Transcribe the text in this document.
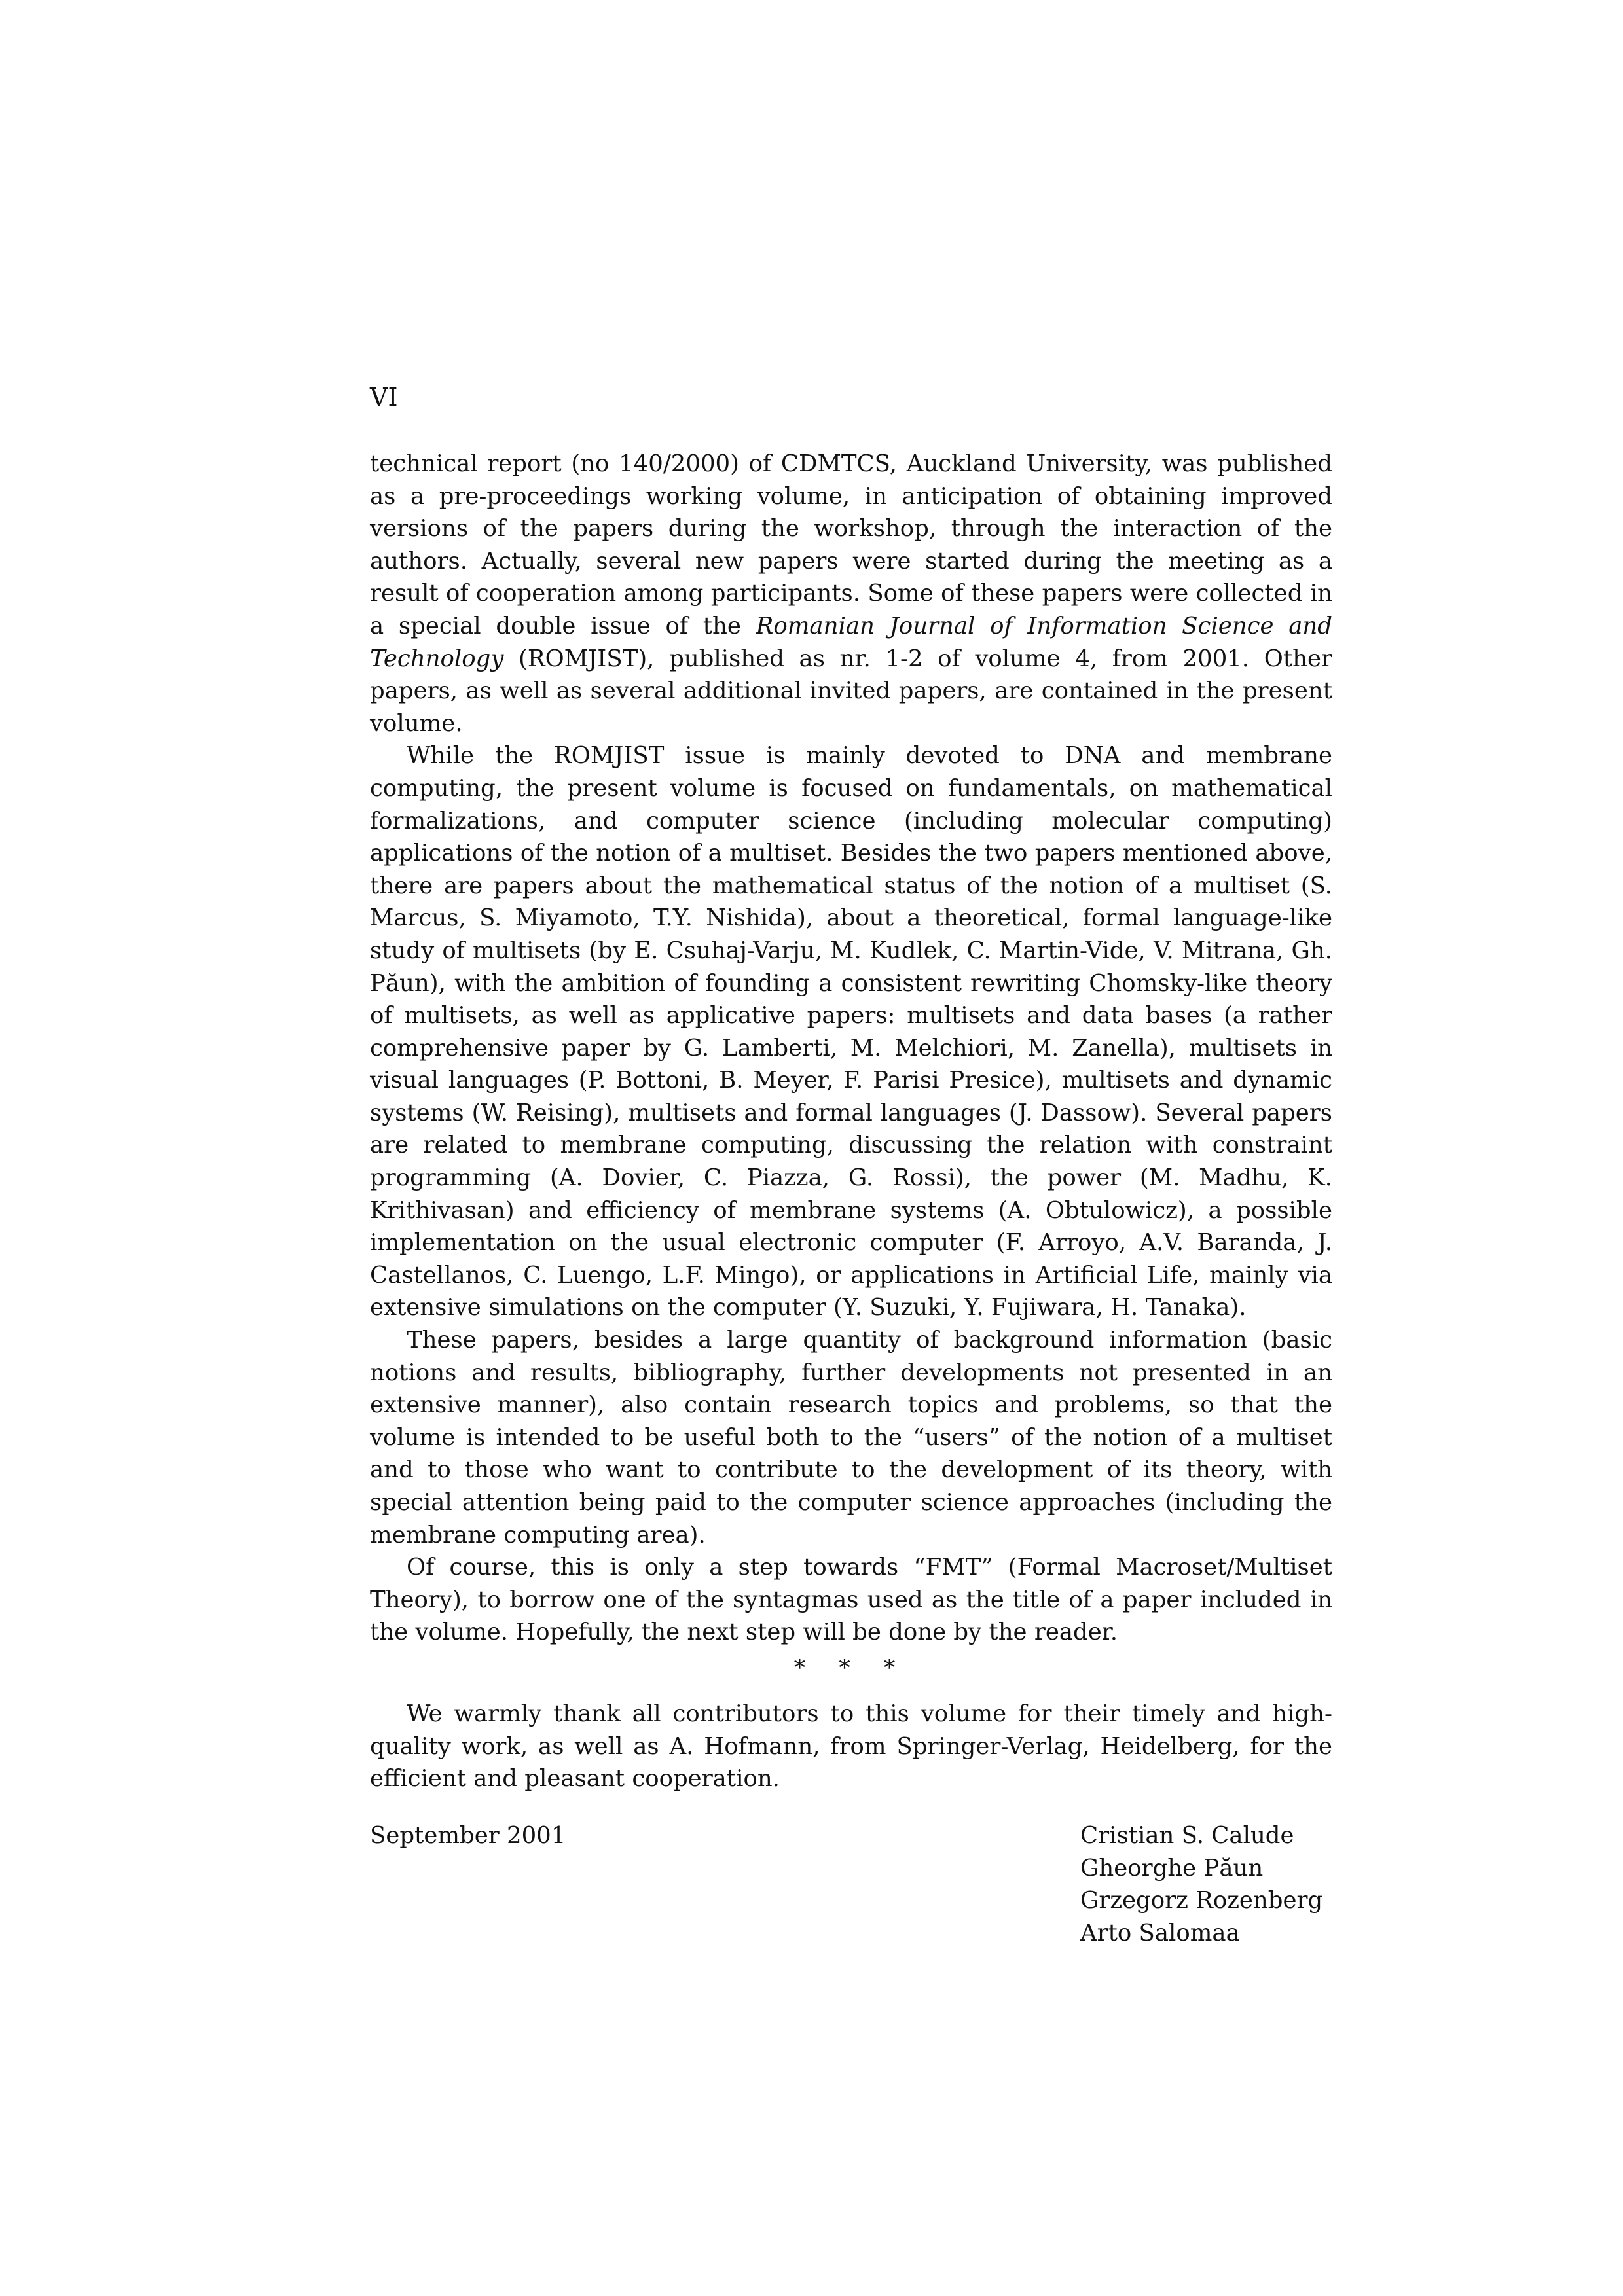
VI

technical report (no 140/2000) of CDMTCS, Auckland University, was published as a pre-proceedings working volume, in anticipation of obtaining improved versions of the papers during the workshop, through the interaction of the authors. Actually, several new papers were started during the meeting as a result of cooperation among participants. Some of these papers were collected in a special double issue of the Romanian Journal of Information Science and Technology (ROMJIST), published as nr. 1-2 of volume 4, from 2001. Other papers, as well as several additional invited papers, are contained in the present volume.

While the ROMJIST issue is mainly devoted to DNA and membrane computing, the present volume is focused on fundamentals, on mathematical formalizations, and computer science (including molecular computing) applications of the notion of a multiset. Besides the two papers mentioned above, there are papers about the mathematical status of the notion of a multiset (S. Marcus, S. Miyamoto, T.Y. Nishida), about a theoretical, formal language-like study of multisets (by E. Csuhaj-Varju, M. Kudlek, C. Martin-Vide, V. Mitrana, Gh. Păun), with the ambition of founding a consistent rewriting Chomsky-like theory of multisets, as well as applicative papers: multisets and data bases (a rather comprehensive paper by G. Lamberti, M. Melchiori, M. Zanella), multisets in visual languages (P. Bottoni, B. Meyer, F. Parisi Presice), multisets and dynamic systems (W. Reising), multisets and formal languages (J. Dassow). Several papers are related to membrane computing, discussing the relation with constraint programming (A. Dovier, C. Piazza, G. Rossi), the power (M. Madhu, K. Krithivasan) and efficiency of membrane systems (A. Obtulowicz), a possible implementation on the usual electronic computer (F. Arroyo, A.V. Baranda, J. Castellanos, C. Luengo, L.F. Mingo), or applications in Artificial Life, mainly via extensive simulations on the computer (Y. Suzuki, Y. Fujiwara, H. Tanaka).

These papers, besides a large quantity of background information (basic notions and results, bibliography, further developments not presented in an extensive manner), also contain research topics and problems, so that the volume is intended to be useful both to the “users” of the notion of a multiset and to those who want to contribute to the development of its theory, with special attention being paid to the computer science approaches (including the membrane computing area).

Of course, this is only a step towards “FMT” (Formal Macroset/Multiset Theory), to borrow one of the syntagmas used as the title of a paper included in the volume. Hopefully, the next step will be done by the reader.

* * *

We warmly thank all contributors to this volume for their timely and high-quality work, as well as A. Hofmann, from Springer-Verlag, Heidelberg, for the efficient and pleasant cooperation.

September 2001	Cristian S. Calude
Gheorghe Păun
Grzegorz Rozenberg
Arto Salomaa
